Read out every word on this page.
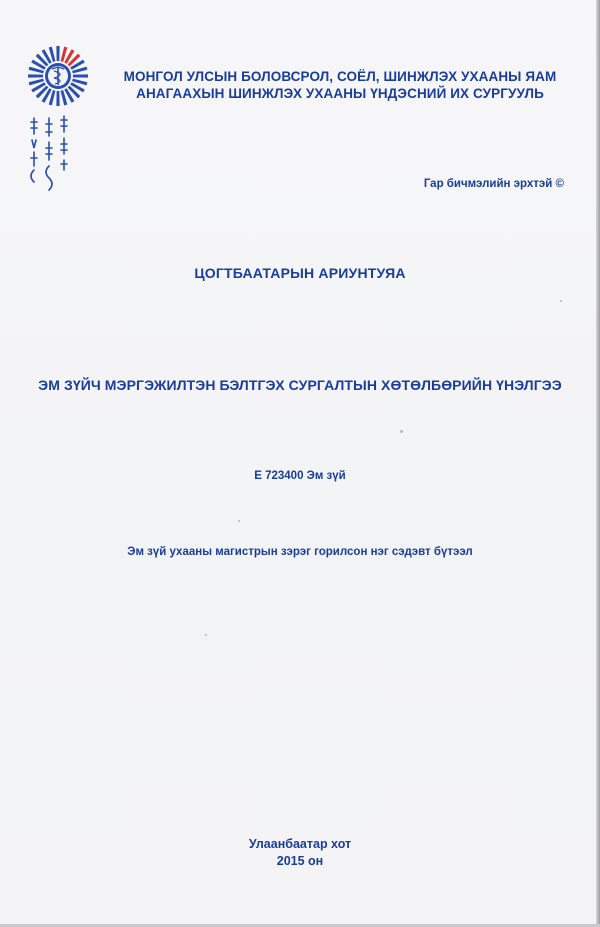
МОНГОЛ УЛСЫН БОЛОВСРОЛ, СОЁЛ, ШИНЖЛЭХ УХААНЫ ЯАМ
АНАГААХЫН ШИНЖЛЭХ УХААНЫ ҮНДЭСНИЙ ИХ СУРГУУЛЬ
Гар бичмэлийн эрхтэй ©
ЦОГТБААТАРЫН АРИУНТУЯА
ЭМ ЗҮЙЧ МЭРГЭЖИЛТЭН БЭЛТГЭХ СУРГАЛТЫН ХӨТӨЛБӨРИЙН ҮНЭЛГЭЭ
Е 723400 Эм зүй
Эм зүй ухааны магистрын зэрэг горилсон нэг сэдэвт бүтээл
Улаанбаатар хот
2015 он
